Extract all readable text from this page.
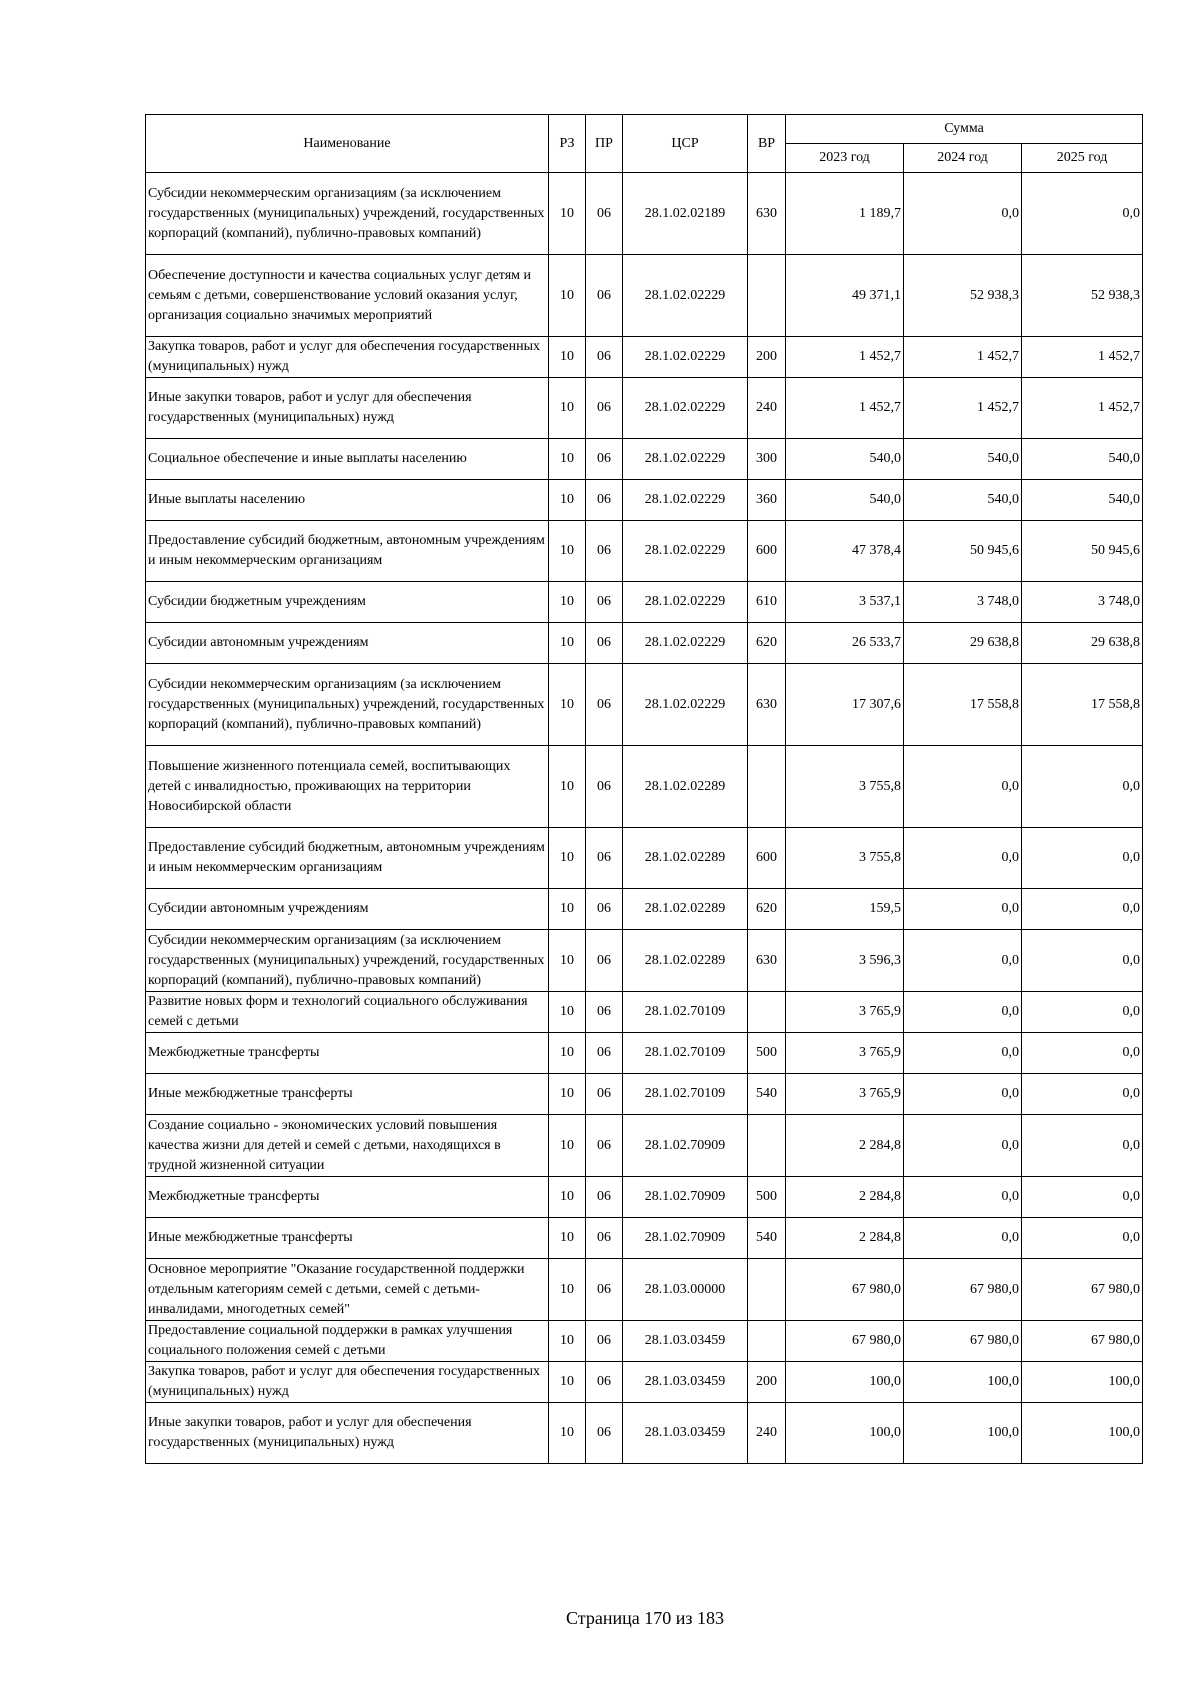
Наименование	РЗ	ПР	ЦСР	ВР	Сумма		
					2023 год	2024 год	2025 год
Субсидии некоммерческим организациям (за исключением государственных (муниципальных) учреждений, государственных корпораций (компаний), публично-правовых компаний)	10	06	28.1.02.02189	630	1 189,7	0,0	0,0
Обеспечение доступности и качества социальных услуг детям и семьям с детьми, совершенствование условий оказания услуг, организация социально значимых мероприятий	10	06	28.1.02.02229		49 371,1	52 938,3	52 938,3
Закупка товаров, работ и услуг для обеспечения государственных (муниципальных) нужд	10	06	28.1.02.02229	200	1 452,7	1 452,7	1 452,7
Иные закупки товаров, работ и услуг для обеспечения государственных (муниципальных) нужд	10	06	28.1.02.02229	240	1 452,7	1 452,7	1 452,7
Социальное обеспечение и иные выплаты населению	10	06	28.1.02.02229	300	540,0	540,0	540,0
Иные выплаты населению	10	06	28.1.02.02229	360	540,0	540,0	540,0
Предоставление субсидий бюджетным, автономным учреждениям и иным некоммерческим организациям	10	06	28.1.02.02229	600	47 378,4	50 945,6	50 945,6
Субсидии бюджетным учреждениям	10	06	28.1.02.02229	610	3 537,1	3 748,0	3 748,0
Субсидии автономным учреждениям	10	06	28.1.02.02229	620	26 533,7	29 638,8	29 638,8
Субсидии некоммерческим организациям (за исключением государственных (муниципальных) учреждений, государственных корпораций (компаний), публично-правовых компаний)	10	06	28.1.02.02229	630	17 307,6	17 558,8	17 558,8
Повышение жизненного потенциала семей, воспитывающих детей с инвалидностью, проживающих на территории Новосибирской области	10	06	28.1.02.02289		3 755,8	0,0	0,0
Предоставление субсидий бюджетным, автономным учреждениям и иным некоммерческим организациям	10	06	28.1.02.02289	600	3 755,8	0,0	0,0
Субсидии автономным учреждениям	10	06	28.1.02.02289	620	159,5	0,0	0,0
Субсидии некоммерческим организациям (за исключением государственных (муниципальных) учреждений, государственных корпораций (компаний), публично-правовых компаний)	10	06	28.1.02.02289	630	3 596,3	0,0	0,0
Развитие новых форм и технологий социального обслуживания семей с детьми	10	06	28.1.02.70109		3 765,9	0,0	0,0
Межбюджетные трансферты	10	06	28.1.02.70109	500	3 765,9	0,0	0,0
Иные межбюджетные трансферты	10	06	28.1.02.70109	540	3 765,9	0,0	0,0
Создание социально - экономических условий повышения качества жизни для детей и семей с детьми, находящихся в трудной жизненной ситуации	10	06	28.1.02.70909		2 284,8	0,0	0,0
Межбюджетные трансферты	10	06	28.1.02.70909	500	2 284,8	0,0	0,0
Иные межбюджетные трансферты	10	06	28.1.02.70909	540	2 284,8	0,0	0,0
Основное мероприятие "Оказание государственной поддержки отдельным категориям семей с детьми, семей с детьми-инвалидами, многодетных семей"	10	06	28.1.03.00000		67 980,0	67 980,0	67 980,0
Предоставление социальной поддержки в рамках улучшения социального положения семей с детьми	10	06	28.1.03.03459		67 980,0	67 980,0	67 980,0
Закупка товаров, работ и услуг для обеспечения государственных (муниципальных) нужд	10	06	28.1.03.03459	200	100,0	100,0	100,0
Иные закупки товаров, работ и услуг для обеспечения государственных (муниципальных) нужд	10	06	28.1.03.03459	240	100,0	100,0	100,0
Страница 170 из 183
